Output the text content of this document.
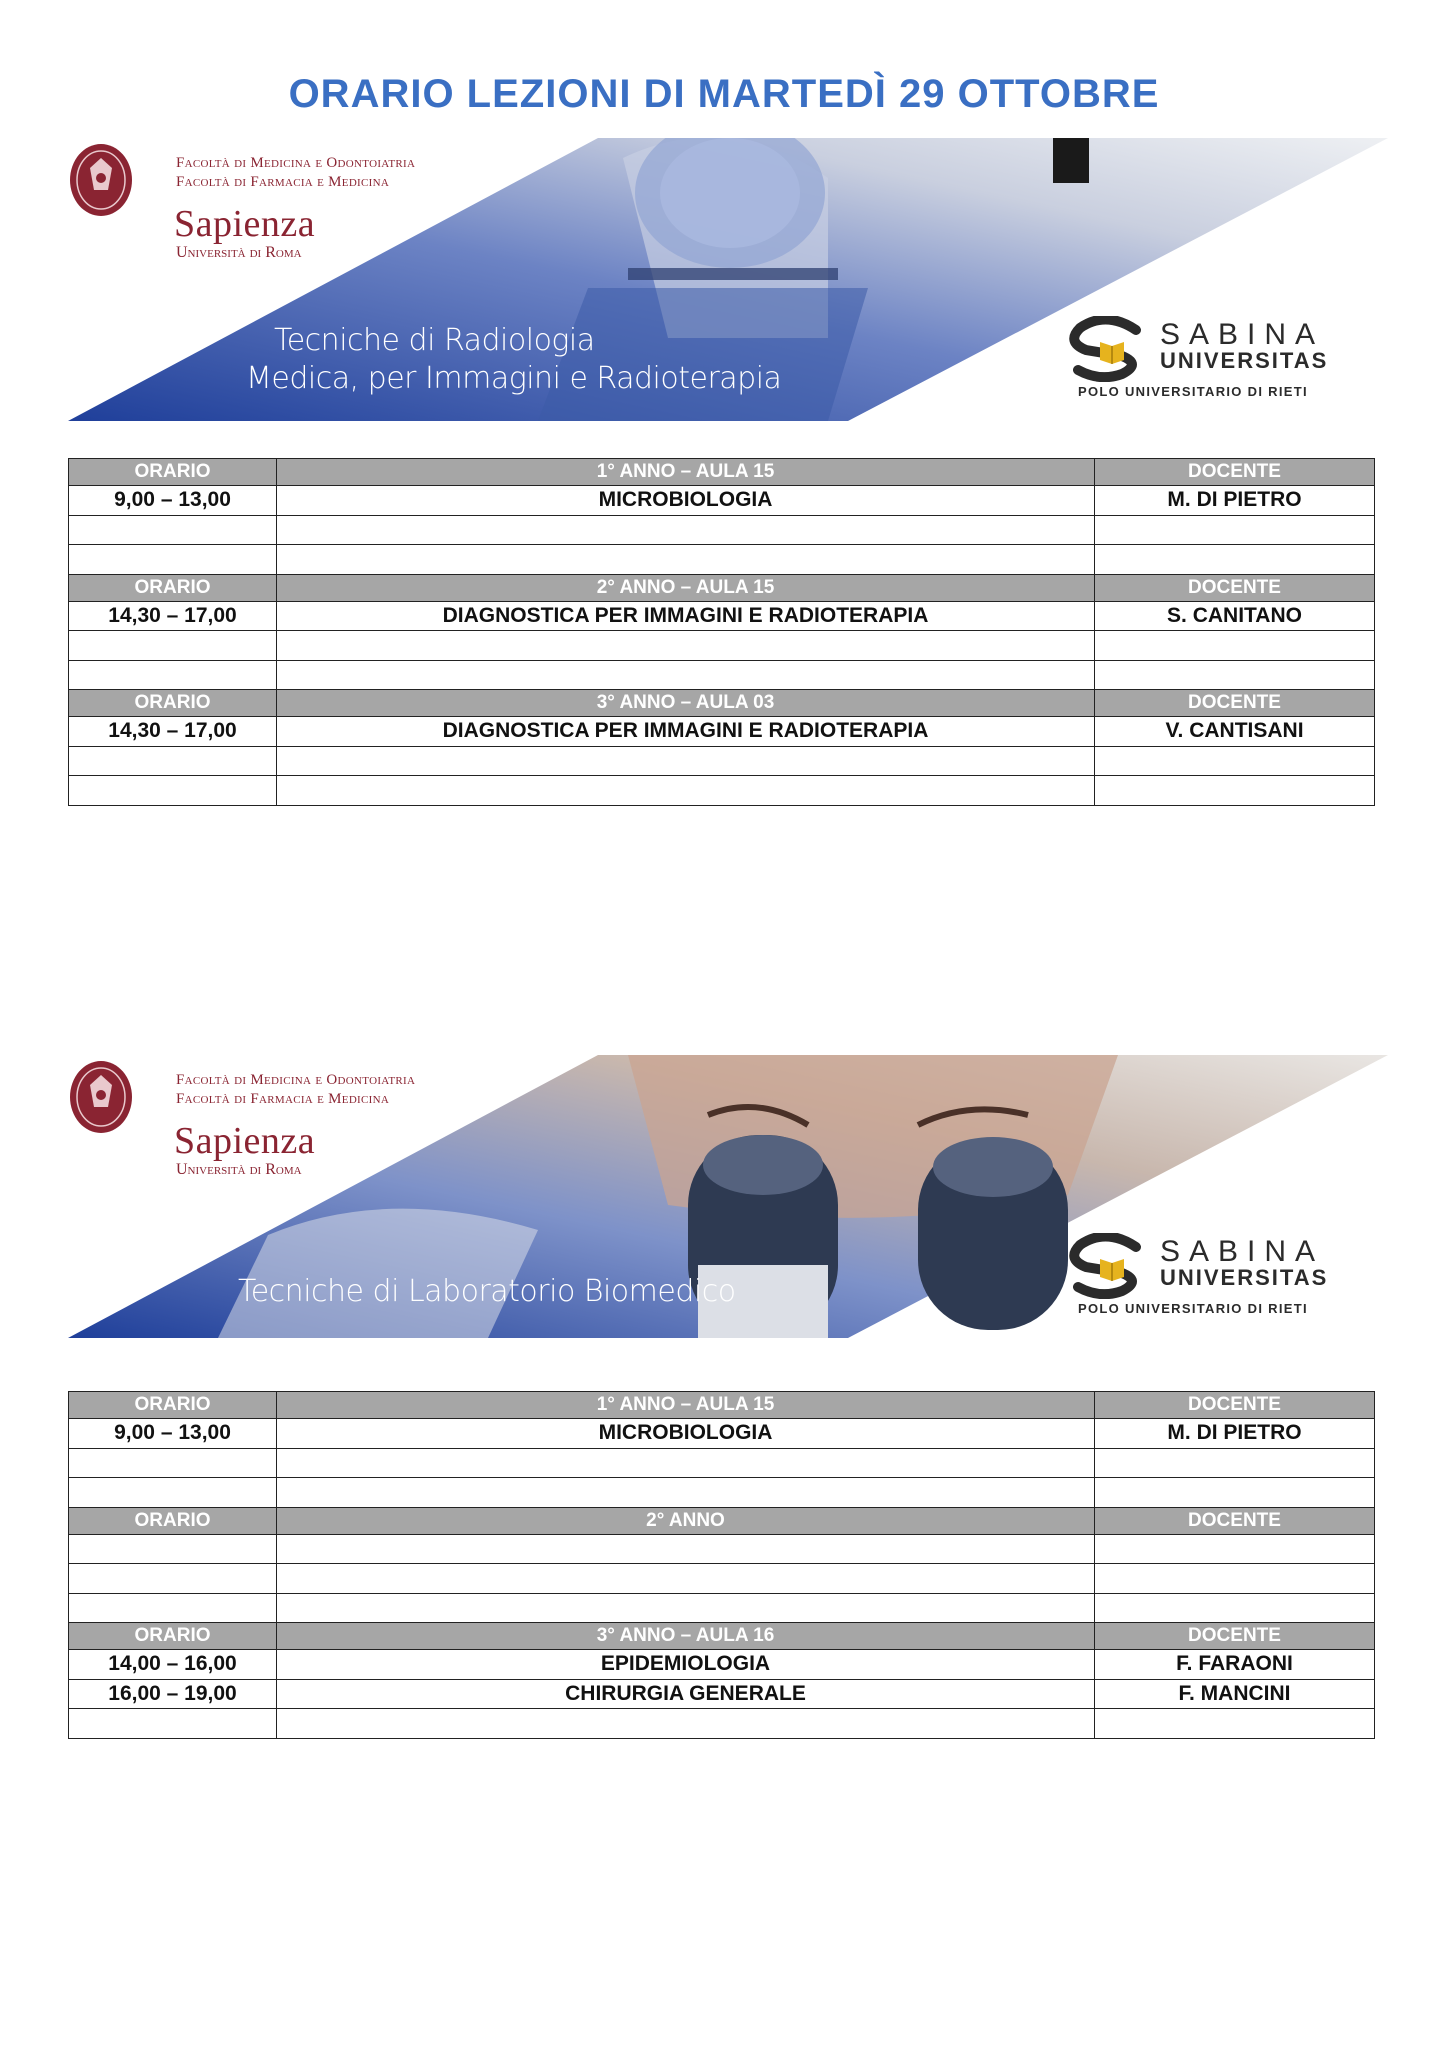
ORARIO LEZIONI DI MARTEDÌ 29 OTTOBRE
Facoltà di Medicina e Odontoiatria
Facoltà di Farmacia e Medicina
Sapienza
Università di Roma
Tecniche di Radiologia
Medica, per Immagini e Radioterapia
SABINA
UNIVERSITAS
POLO UNIVERSITARIO DI RIETI
ORARIO	1° ANNO – AULA 15	DOCENTE
9,00 – 13,00	MICROBIOLOGIA	M. DI PIETRO

ORARIO	2° ANNO – AULA 15	DOCENTE
14,30 – 17,00	DIAGNOSTICA PER IMMAGINI E RADIOTERAPIA	S. CANITANO

ORARIO	3° ANNO – AULA 03	DOCENTE
14,30 – 17,00	DIAGNOSTICA PER IMMAGINI E RADIOTERAPIA	V. CANTISANI

Facoltà di Medicina e Odontoiatria
Facoltà di Farmacia e Medicina
Sapienza
Università di Roma
Tecniche di Laboratorio Biomedico
SABINA
UNIVERSITAS
POLO UNIVERSITARIO DI RIETI
ORARIO	1° ANNO – AULA 15	DOCENTE
9,00 – 13,00	MICROBIOLOGIA	M. DI PIETRO

ORARIO	2° ANNO	DOCENTE

ORARIO	3° ANNO – AULA 16	DOCENTE
14,00 – 16,00	EPIDEMIOLOGIA	F. FARAONI
16,00 – 19,00	CHIRURGIA GENERALE	F. MANCINI
